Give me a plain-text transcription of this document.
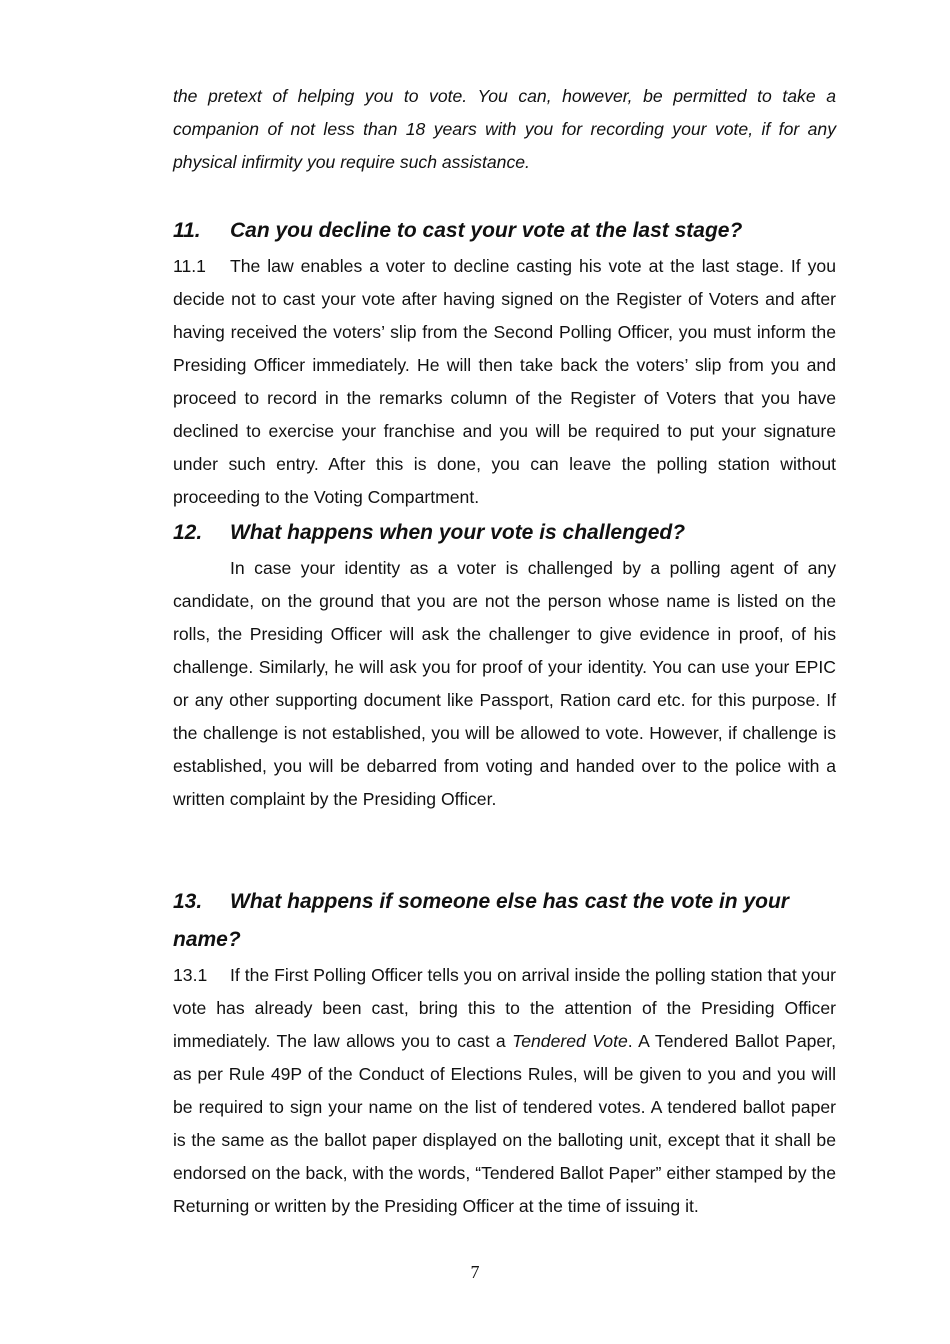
the pretext of helping you to vote. You can, however, be permitted to take a companion of not less than 18 years with you for recording your vote, if for any physical infirmity you require such assistance.

11. Can you decline to cast your vote at the last stage?

11.1 The law enables a voter to decline casting his vote at the last stage. If you decide not to cast your vote after having signed on the Register of Voters and after having received the voters’ slip from the Second Polling Officer, you must inform the Presiding Officer immediately. He will then take back the voters’ slip from you and proceed to record in the remarks column of the Register of Voters that you have declined to exercise your franchise and you will be required to put your signature under such entry. After this is done, you can leave the polling station without proceeding to the Voting Compartment.

12. What happens when your vote is challenged?

In case your identity as a voter is challenged by a polling agent of any candidate, on the ground that you are not the person whose name is listed on the rolls, the Presiding Officer will ask the challenger to give evidence in proof, of his challenge. Similarly, he will ask you for proof of your identity. You can use your EPIC or any other supporting document like Passport, Ration card etc. for this purpose. If the challenge is not established, you will be allowed to vote. However, if challenge is established, you will be debarred from voting and handed over to the police with a written complaint by the Presiding Officer.

13. What happens if someone else has cast the vote in your name?

13.1 If the First Polling Officer tells you on arrival inside the polling station that your vote has already been cast, bring this to the attention of the Presiding Officer immediately. The law allows you to cast a Tendered Vote. A Tendered Ballot Paper, as per Rule 49P of the Conduct of Elections Rules, will be given to you and you will be required to sign your name on the list of tendered votes. A tendered ballot paper is the same as the ballot paper displayed on the balloting unit, except that it shall be endorsed on the back, with the words, “Tendered Ballot Paper” either stamped by the Returning or written by the Presiding Officer at the time of issuing it.

7
